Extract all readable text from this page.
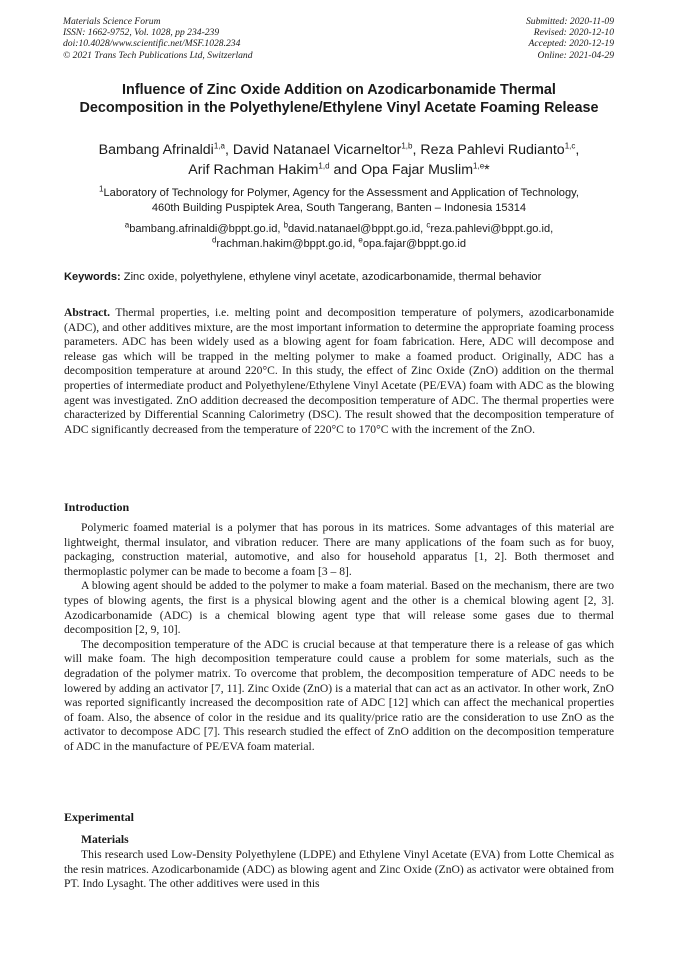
Materials Science Forum
ISSN: 1662-9752, Vol. 1028, pp 234-239
doi:10.4028/www.scientific.net/MSF.1028.234
© 2021 Trans Tech Publications Ltd, Switzerland
Submitted: 2020-11-09
Revised: 2020-12-10
Accepted: 2020-12-19
Online: 2021-04-29
Influence of Zinc Oxide Addition on Azodicarbonamide Thermal Decomposition in the Polyethylene/Ethylene Vinyl Acetate Foaming Release
Bambang Afrinaldi$^{1,a}$, David Natanael Vicarneltor$^{1,b}$, Reza Pahlevi Rudianto$^{1,c}$,
Arif Rachman Hakim$^{1,d}$ and Opa Fajar Muslim$^{1,e}$*
$^1$Laboratory of Technology for Polymer, Agency for the Assessment and Application of Technology,
460th Building Puspiptek Area, South Tangerang, Banten – Indonesia 15314
$^a$bambang.afrinaldi@bppt.go.id, $^b$david.natanael@bppt.go.id, $^c$reza.pahlevi@bppt.go.id,
$^d$rachman.hakim@bppt.go.id, $^e$opa.fajar@bppt.go.id
Keywords: Zinc oxide, polyethylene, ethylene vinyl acetate, azodicarbonamide, thermal behavior

Abstract. Thermal properties, i.e. melting point and decomposition temperature of polymers, azodicarbonamide (ADC), and other additives mixture, are the most important information to determine the appropriate foaming process parameters. ADC has been widely used as a blowing agent for foam fabrication. Here, ADC will decompose and release gas which will be trapped in the melting polymer to make a foamed product. Originally, ADC has a decomposition temperature at around 220°C. In this study, the effect of Zinc Oxide (ZnO) addition on the thermal properties of intermediate product and Polyethylene/Ethylene Vinyl Acetate (PE/EVA) foam with ADC as the blowing agent was investigated. ZnO addition decreased the decomposition temperature of ADC. The thermal properties were characterized by Differential Scanning Calorimetry (DSC). The result showed that the decomposition temperature of ADC significantly decreased from the temperature of 220°C to 170°C with the increment of the ZnO.

Introduction

Polymeric foamed material is a polymer that has porous in its matrices. Some advantages of this material are lightweight, thermal insulator, and vibration reducer. There are many applications of the foam such as for buoy, packaging, construction material, automotive, and also for household apparatus [1, 2]. Both thermoset and thermoplastic polymer can be made to become a foam [3 – 8].

A blowing agent should be added to the polymer to make a foam material. Based on the mechanism, there are two types of blowing agents, the first is a physical blowing agent and the other is a chemical blowing agent [2, 3]. Azodicarbonamide (ADC) is a chemical blowing agent type that will release some gases due to thermal decomposition [2, 9, 10].

The decomposition temperature of the ADC is crucial because at that temperature there is a release of gas which will make foam. The high decomposition temperature could cause a problem for some materials, such as the degradation of the polymer matrix. To overcome that problem, the decomposition temperature of ADC needs to be lowered by adding an activator [7, 11]. Zinc Oxide (ZnO) is a material that can act as an activator. In other work, ZnO was reported significantly increased the decomposition rate of ADC [12] which can affect the mechanical properties of foam. Also, the absence of color in the residue and its quality/price ratio are the consideration to use ZnO as the activator to decompose ADC [7]. This research studied the effect of ZnO addition on the decomposition temperature of ADC in the manufacture of PE/EVA foam material.

Experimental
Materials

This research used Low-Density Polyethylene (LDPE) and Ethylene Vinyl Acetate (EVA) from Lotte Chemical as the resin matrices. Azodicarbonamide (ADC) as blowing agent and Zinc Oxide (ZnO) as activator were obtained from PT. Indo Lysaght. The other additives were used in this
